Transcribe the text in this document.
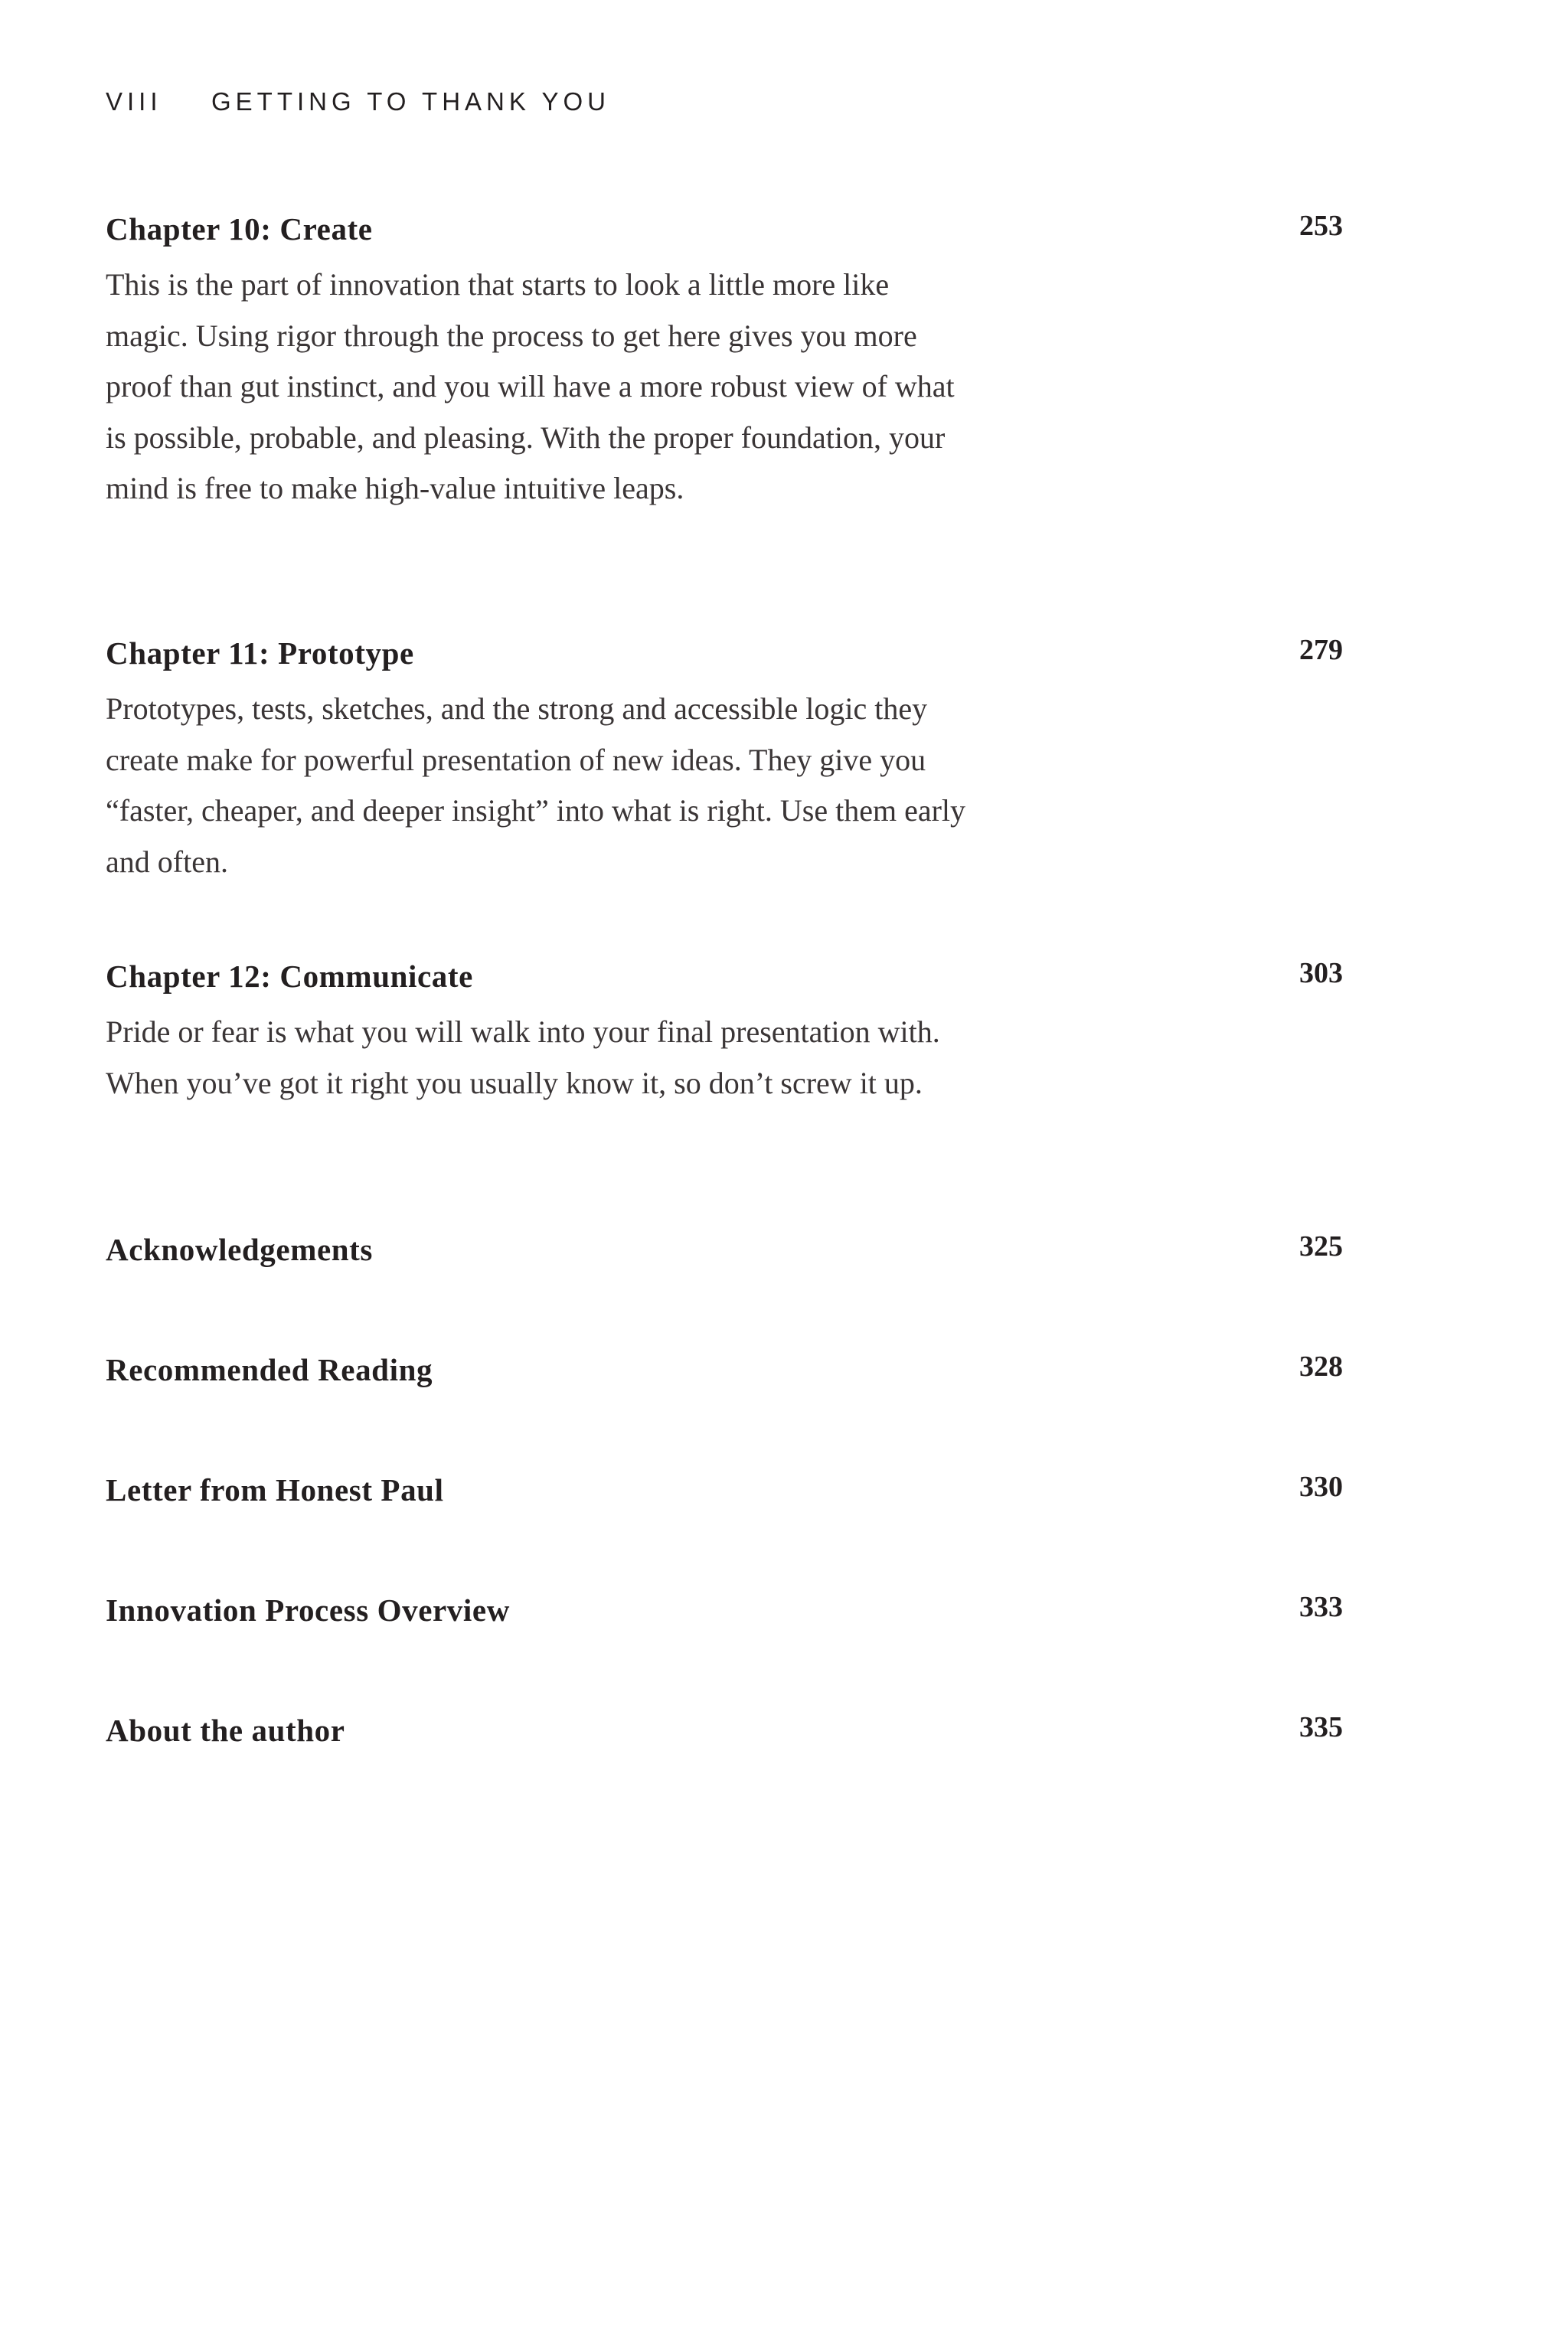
VIII GETTING TO THANK YOU
Chapter 10: Create	253
This is the part of innovation that starts to look a little more like magic. Using rigor through the process to get here gives you more proof than gut instinct, and you will have a more robust view of what is possible, probable, and pleasing. With the proper foundation, your mind is free to make high-value intuitive leaps.
Chapter 11: Prototype	279
Prototypes, tests, sketches, and the strong and accessible logic they create make for powerful presentation of new ideas. They give you “faster, cheaper, and deeper insight” into what is right. Use them early and often.
Chapter 12: Communicate	303
Pride or fear is what you will walk into your final presentation with. When you’ve got it right you usually know it, so don’t screw it up.
Acknowledgements	325
Recommended Reading	328
Letter from Honest Paul	330
Innovation Process Overview	333
About the author	335
